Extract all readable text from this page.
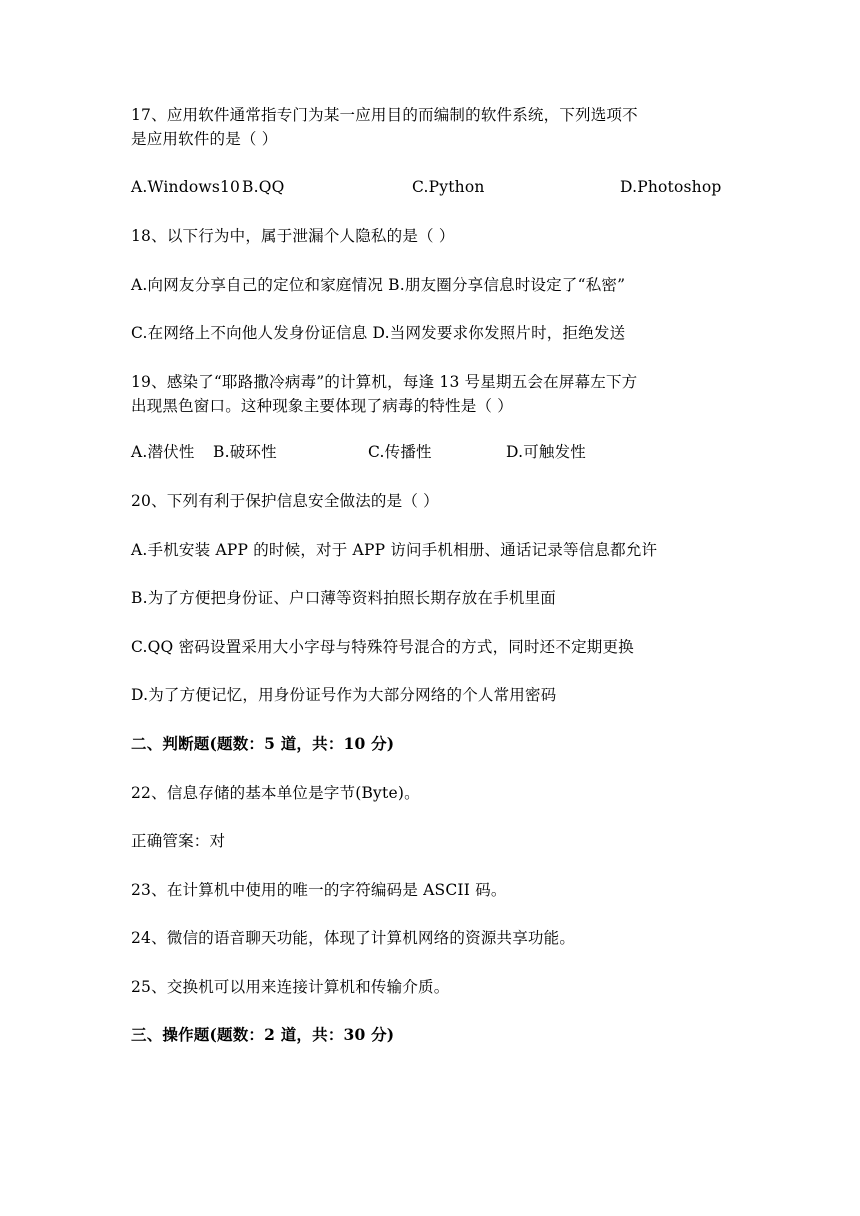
17、应用软件通常指专门为某一应用目的而编制的软件系统，下列选项不
是应用软件的是（ ）
A.Windows10 B.QQ	C.Python	D.Photoshop
18、以下行为中，属于泄漏个人隐私的是（ ）
A.向网友分享自己的定位和家庭情况 B.朋友圈分享信息时设定了“私密”
C.在网络上不向他人发身份证信息 D.当网发要求你发照片时，拒绝发送
19、感染了“耶路撒冷病毒”的计算机，每逢 13 号星期五会在屏幕左下方
出现黑色窗口。这种现象主要体现了病毒的特性是（ ）
A.潜伏性 B.破环性	C.传播性	D.可触发性
20、下列有利于保护信息安全做法的是（ ）
A.手机安装 APP 的时候，对于 APP 访问手机相册、通话记录等信息都允许
B.为了方便把身份证、户口薄等资料拍照长期存放在手机里面
C.QQ 密码设置采用大小字母与特殊符号混合的方式，同时还不定期更换
D.为了方便记忆，用身份证号作为大部分网络的个人常用密码
二、判断题(题数：5 道，共：10 分)
22、信息存储的基本单位是字节(Byte)。
正确管案：对
23、在计算机中使用的唯一的字符编码是 ASCII 码。
24、微信的语音聊天功能，体现了计算机网络的资源共享功能。
25、交换机可以用来连接计算机和传输介质。
三、操作题(题数：2 道，共：30 分)
